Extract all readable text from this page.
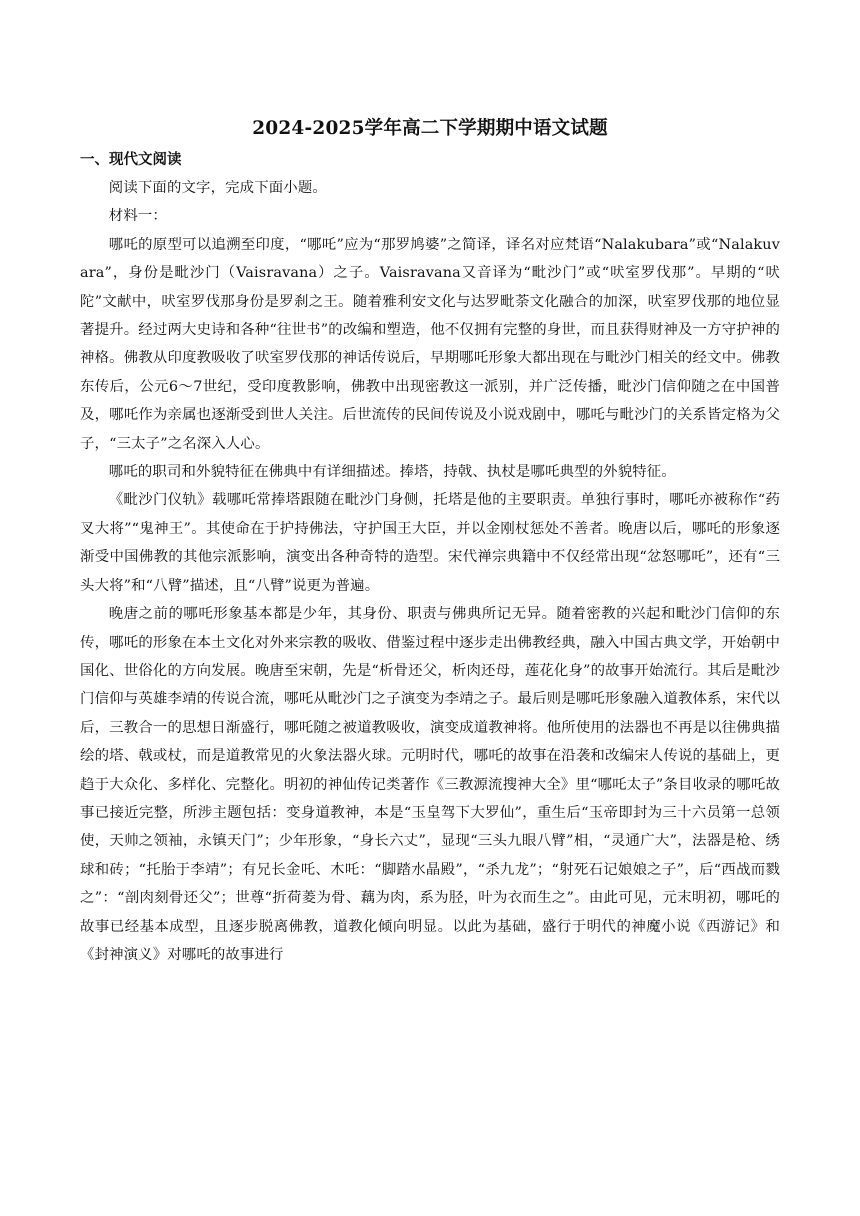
2024-2025学年高二下学期期中语文试题
一、现代文阅读

阅读下面的文字，完成下面小题。

材料一：

哪吒的原型可以追溯至印度，“哪吒”应为“那罗鸠婆”之简译，译名对应梵语“Nalakubara”或“Nalakuvara”，身份是毗沙门（Vaisravana）之子。Vaisravana又音译为“毗沙门”或“吠室罗伐那”。早期的“吠陀”文献中，吠室罗伐那身份是罗刹之王。随着雅利安文化与达罗毗荼文化融合的加深，吠室罗伐那的地位显著提升。经过两大史诗和各种“往世书”的改编和塑造，他不仅拥有完整的身世，而且获得财神及一方守护神的神格。佛教从印度教吸收了吠室罗伐那的神话传说后，早期哪吒形象大都出现在与毗沙门相关的经文中。佛教东传后，公元6～7世纪，受印度教影响，佛教中出现密教这一派别，并广泛传播，毗沙门信仰随之在中国普及，哪吒作为亲属也逐渐受到世人关注。后世流传的民间传说及小说戏剧中，哪吒与毗沙门的关系皆定格为父子，“三太子”之名深入人心。

哪吒的职司和外貌特征在佛典中有详细描述。捧塔，持戟、执杖是哪吒典型的外貌特征。

《毗沙门仪轨》载哪吒常捧塔跟随在毗沙门身侧，托塔是他的主要职责。单独行事时，哪吒亦被称作“药叉大将”“鬼神王”。其使命在于护持佛法，守护国王大臣，并以金刚杖惩处不善者。晚唐以后，哪吒的形象逐渐受中国佛教的其他宗派影响，演变出各种奇特的造型。宋代禅宗典籍中不仅经常出现“忿怒哪吒”，还有“三头大将”和“八臂”描述，且“八臂”说更为普遍。

晚唐之前的哪吒形象基本都是少年，其身份、职责与佛典所记无异。随着密教的兴起和毗沙门信仰的东传，哪吒的形象在本土文化对外来宗教的吸收、借鉴过程中逐步走出佛教经典，融入中国古典文学，开始朝中国化、世俗化的方向发展。晚唐至宋朝，先是“析骨还父，析肉还母，莲花化身”的故事开始流行。其后是毗沙门信仰与英雄李靖的传说合流，哪吒从毗沙门之子演变为李靖之子。最后则是哪吒形象融入道教体系，宋代以后，三教合一的思想日渐盛行，哪吒随之被道教吸收，演变成道教神将。他所使用的法器也不再是以往佛典描绘的塔、戟或杖，而是道教常见的火象法器火球。元明时代，哪吒的故事在沿袭和改编宋人传说的基础上，更趋于大众化、多样化、完整化。明初的神仙传记类著作《三教源流搜神大全》里“哪吒太子”条目收录的哪吒故事已接近完整，所涉主题包括：变身道教神，本是“玉皇驾下大罗仙”，重生后“玉帝即封为三十六员第一总领使，天帅之领袖，永镇天门”；少年形象，“身长六丈”，显现“三头九眼八臂”相，“灵通广大”，法器是枪、绣球和砖；“托胎于李靖”；有兄长金吒、木吒：“脚踏水晶殿”，“杀九龙”；“射死石记娘娘之子”，后“西战而戮之”：“剖肉刻骨还父”；世尊“折荷菱为骨、藕为肉，系为胫，叶为衣而生之”。由此可见，元末明初，哪吒的故事已经基本成型，且逐步脱离佛教，道教化倾向明显。以此为基础，盛行于明代的神魔小说《西游记》和《封神演义》对哪吒的故事进行
